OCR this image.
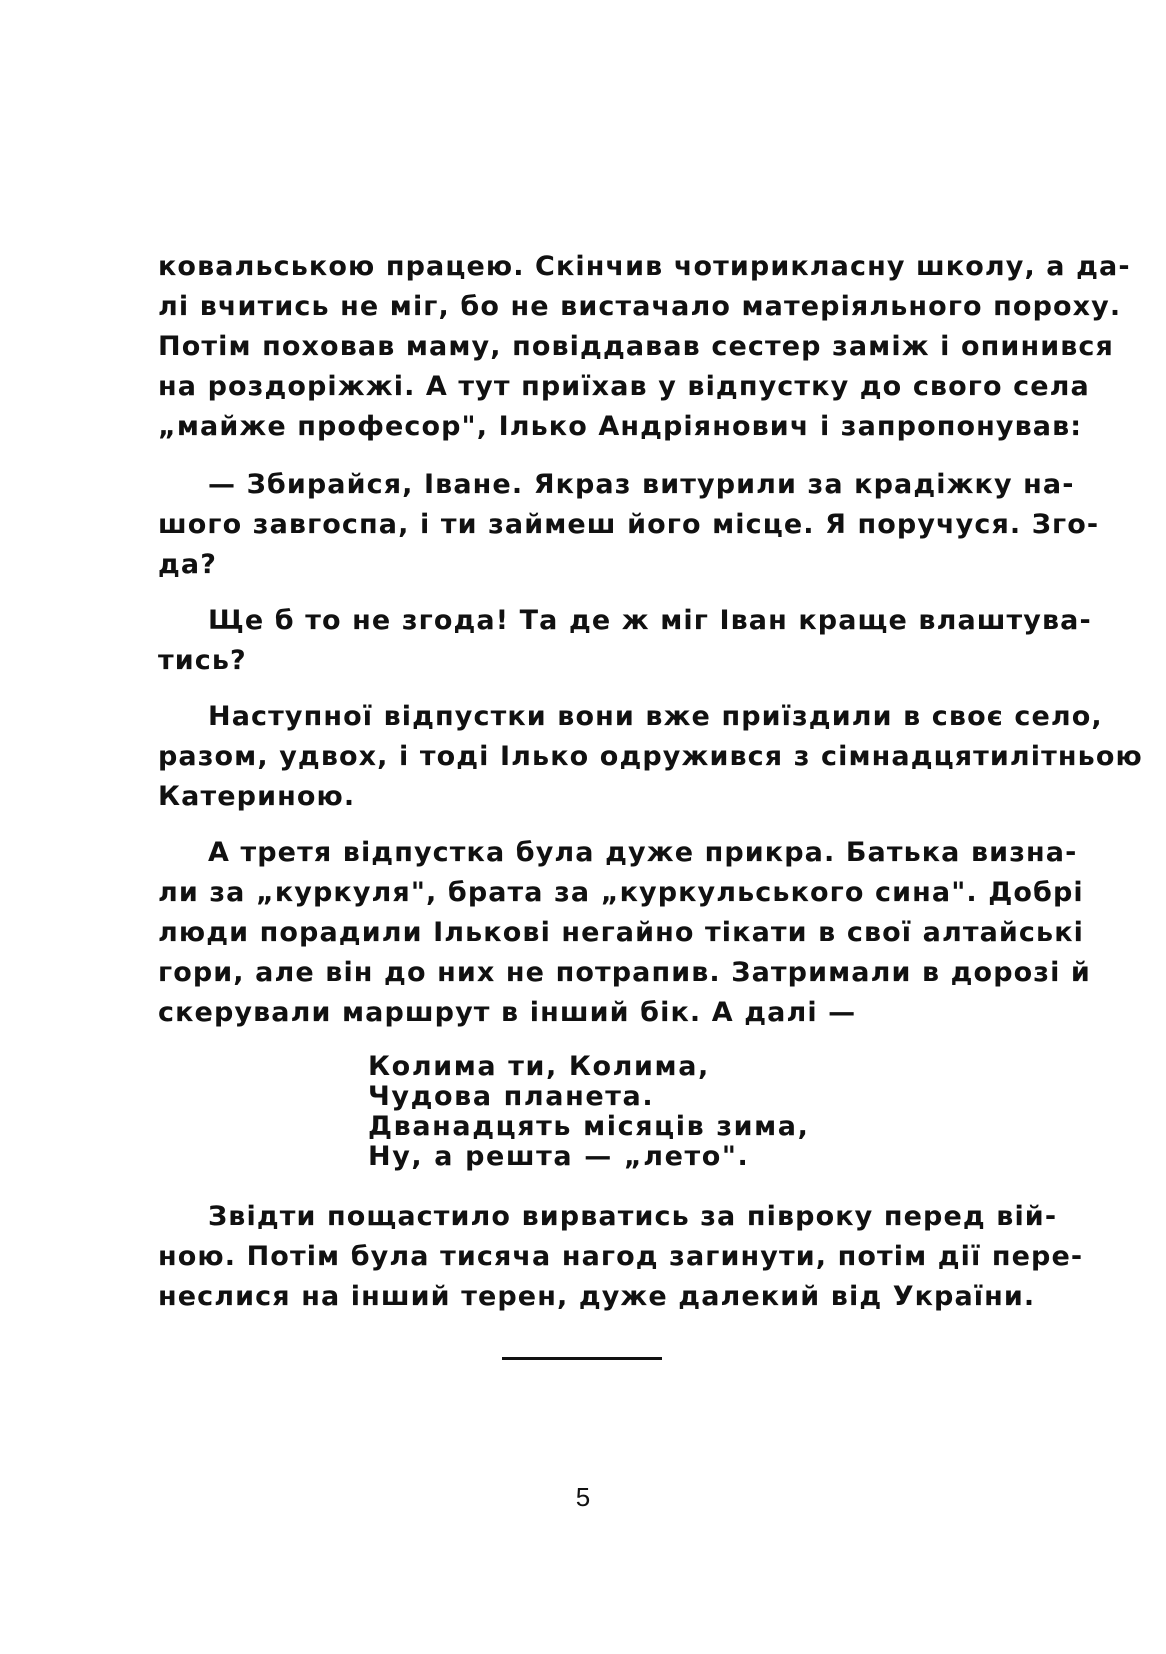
ковальською працею. Скінчив чотирикласну школу, а да-
лі вчитись не міг, бо не вистачало матеріяльного пороху.
Потім поховав маму, повіддавав сестер заміж і опинився
на роздоріжжі. А тут приїхав у відпустку до свого села
„майже професор", Ілько Андріянович і запропонував:
— Збирайся, Іване. Якраз витурили за крадіжку на-
шого завгоспа, і ти займеш його місце. Я поручуся. Зго-
да?
Ще б то не згода! Та де ж міг Іван краще влаштува-
тись?
Наступної відпустки вони вже приїздили в своє село,
разом, удвох, і тоді Ілько одружився з сімнадцятилітньою
Катериною.
А третя відпустка була дуже прикра. Батька визна-
ли за „куркуля", брата за „куркульського сина". Добрі
люди порадили Ількові негайно тікати в свої алтайські
гори, але він до них не потрапив. Затримали в дорозі й
скерували маршрут в інший бік. А далі —
Колима ти, Колима,
Чудова планета.
Дванадцять місяців зима,
Ну, а решта — „лето".
Звідти пощастило вирватись за півроку перед вій-
ною. Потім була тисяча нагод загинути, потім дії пере-
неслися на інший терен, дуже далекий від України.
5
